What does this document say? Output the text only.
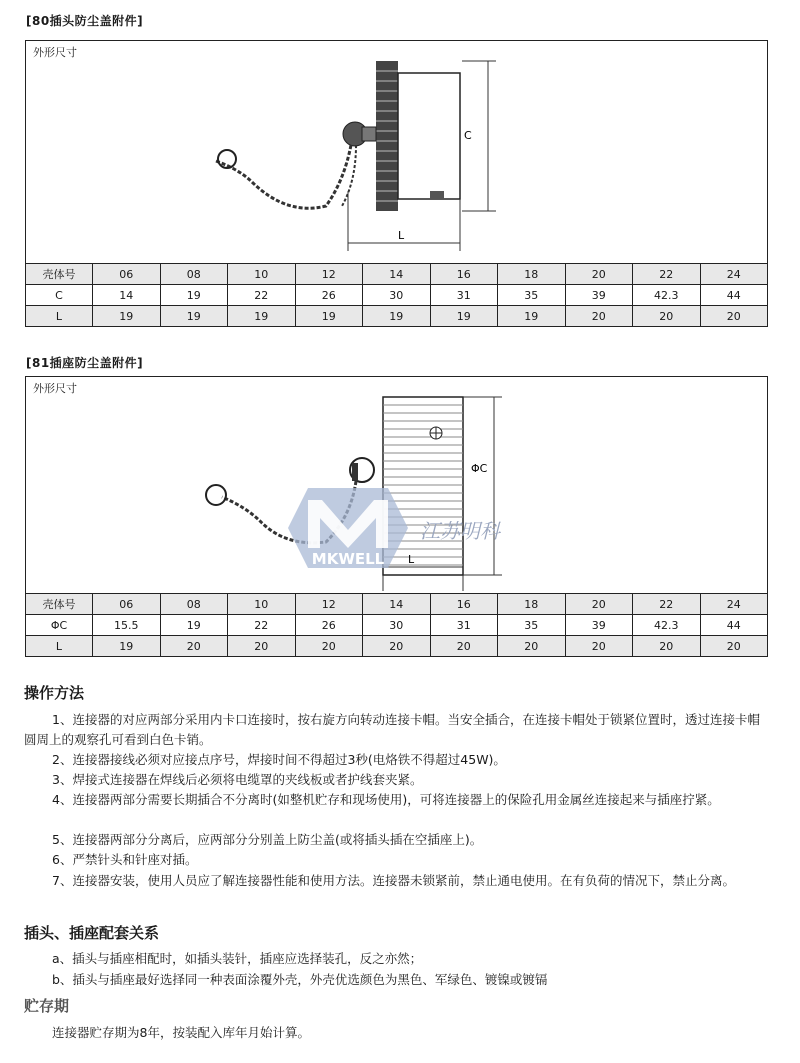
[80插头防尘盖附件]
外形尺寸
C
L
壳体号	06	08	10	12	14	16	18	20	22	24
C	14	19	22	26	30	31	35	39	42.3	44
L	19	19	19	19	19	19	19	20	20	20
[81插座防尘盖附件]
外形尺寸
ΦC
L
MKWELL
江苏明科
壳体号	06	08	10	12	14	16	18	20	22	24
ΦC	15.5	19	22	26	30	31	35	39	42.3	44
L	19	20	20	20	20	20	20	20	20	20
操作方法

1、连接器的对应两部分采用内卡口连接时，按右旋方向转动连接卡帽。当安全插合，在连接卡帽处于锁紧位置时，透过连接卡帽圆周上的观察孔可看到白色卡销。

2、连接器接线必须对应接点序号，焊接时间不得超过3秒(电烙铁不得超过45W)。

3、焊接式连接器在焊线后必须将电缆罩的夹线板或者护线套夹紧。

4、连接器两部分需要长期插合不分离时(如整机贮存和现场使用)，可将连接器上的保险孔用金属丝连接起来与插座拧紧。

5、连接器两部分分离后，应两部分分别盖上防尘盖(或将插头插在空插座上)。

6、严禁针头和针座对插。

7、连接器安装，使用人员应了解连接器性能和使用方法。连接器未锁紧前，禁止通电使用。在有负荷的情况下，禁止分离。

插头、插座配套关系

a、插头与插座相配时，如插头装针，插座应选择装孔，反之亦然；

b、插头与插座最好选择同一种表面涂覆外壳，外壳优选颜色为黑色、军绿色、镀镍或镀镉

贮存期

连接器贮存期为8年，按装配入库年月始计算。
